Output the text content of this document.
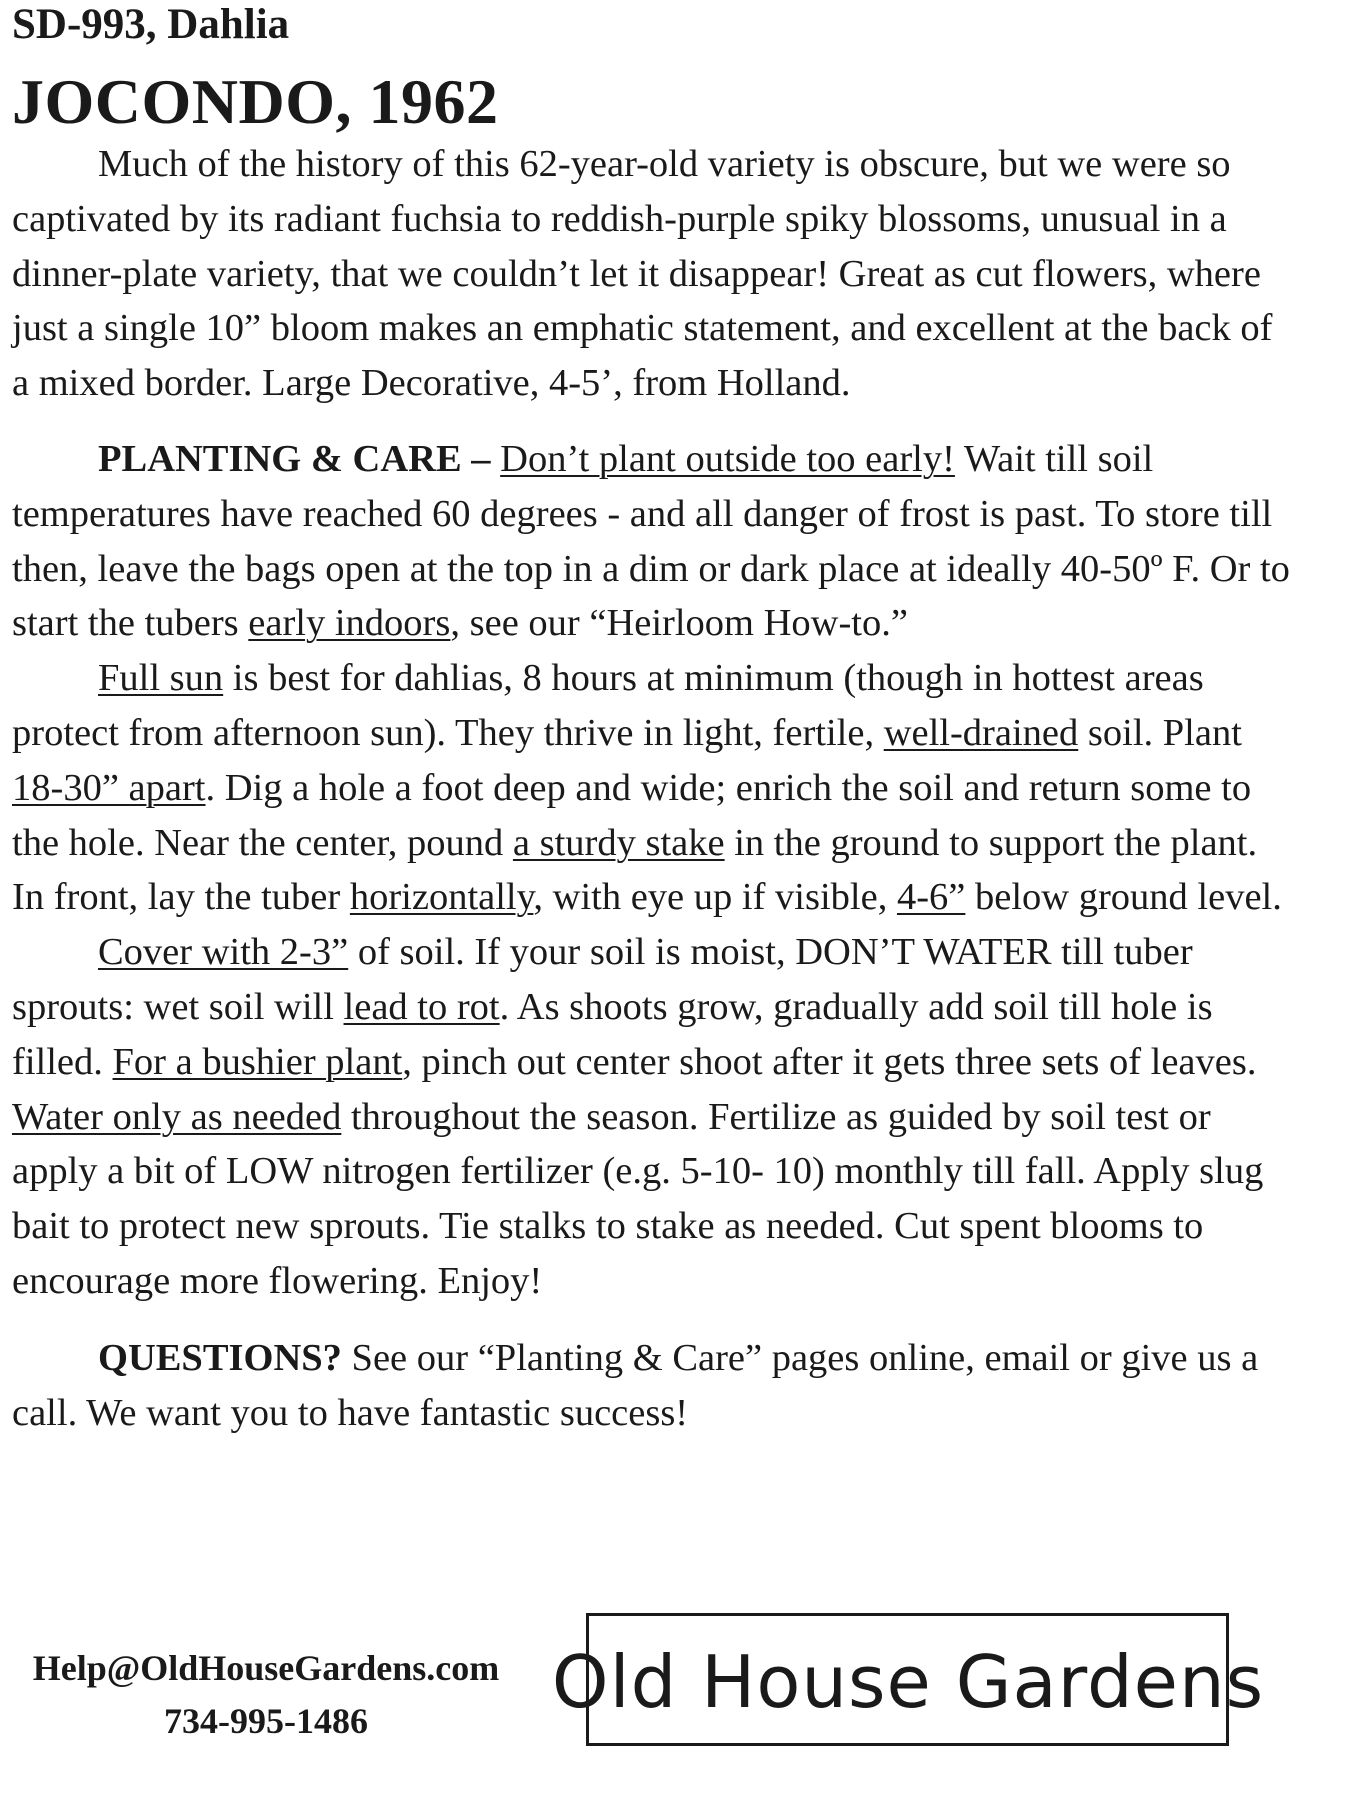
SD-993, Dahlia
JOCONDO, 1962

Much of the history of this 62-year-old variety is obscure, but we were so captivated by its radiant fuchsia to reddish-purple spiky blossoms, unusual in a dinner-plate variety, that we couldn’t let it disappear! Great as cut flowers, where just a single 10” bloom makes an emphatic statement, and excellent at the back of a mixed border. Large Decorative, 4-5’, from Holland.

PLANTING & CARE – Don’t plant outside too early! Wait till soil temperatures have reached 60 degrees - and all danger of frost is past. To store till then, leave the bags open at the top in a dim or dark place at ideally 40-50º F. Or to start the tubers early indoors, see our “Heirloom How-to.”

Full sun is best for dahlias, 8 hours at minimum (though in hottest areas protect from afternoon sun). They thrive in light, fertile, well-drained soil. Plant 18-30” apart. Dig a hole a foot deep and wide; enrich the soil and return some to the hole. Near the center, pound a sturdy stake in the ground to support the plant. In front, lay the tuber horizontally, with eye up if visible, 4-6” below ground level.

Cover with 2-3” of soil. If your soil is moist, DON’T WATER till tuber sprouts: wet soil will lead to rot. As shoots grow, gradually add soil till hole is filled. For a bushier plant, pinch out center shoot after it gets three sets of leaves. Water only as needed throughout the season. Fertilize as guided by soil test or apply a bit of LOW nitrogen fertilizer (e.g. 5-10- 10) monthly till fall. Apply slug bait to protect new sprouts. Tie stalks to stake as needed. Cut spent blooms to encourage more flowering. Enjoy!

QUESTIONS? See our “Planting & Care” pages online, email or give us a call. We want you to have fantastic success!

Help@OldHouseGardens.com
734-995-1486	Old House Gardens
